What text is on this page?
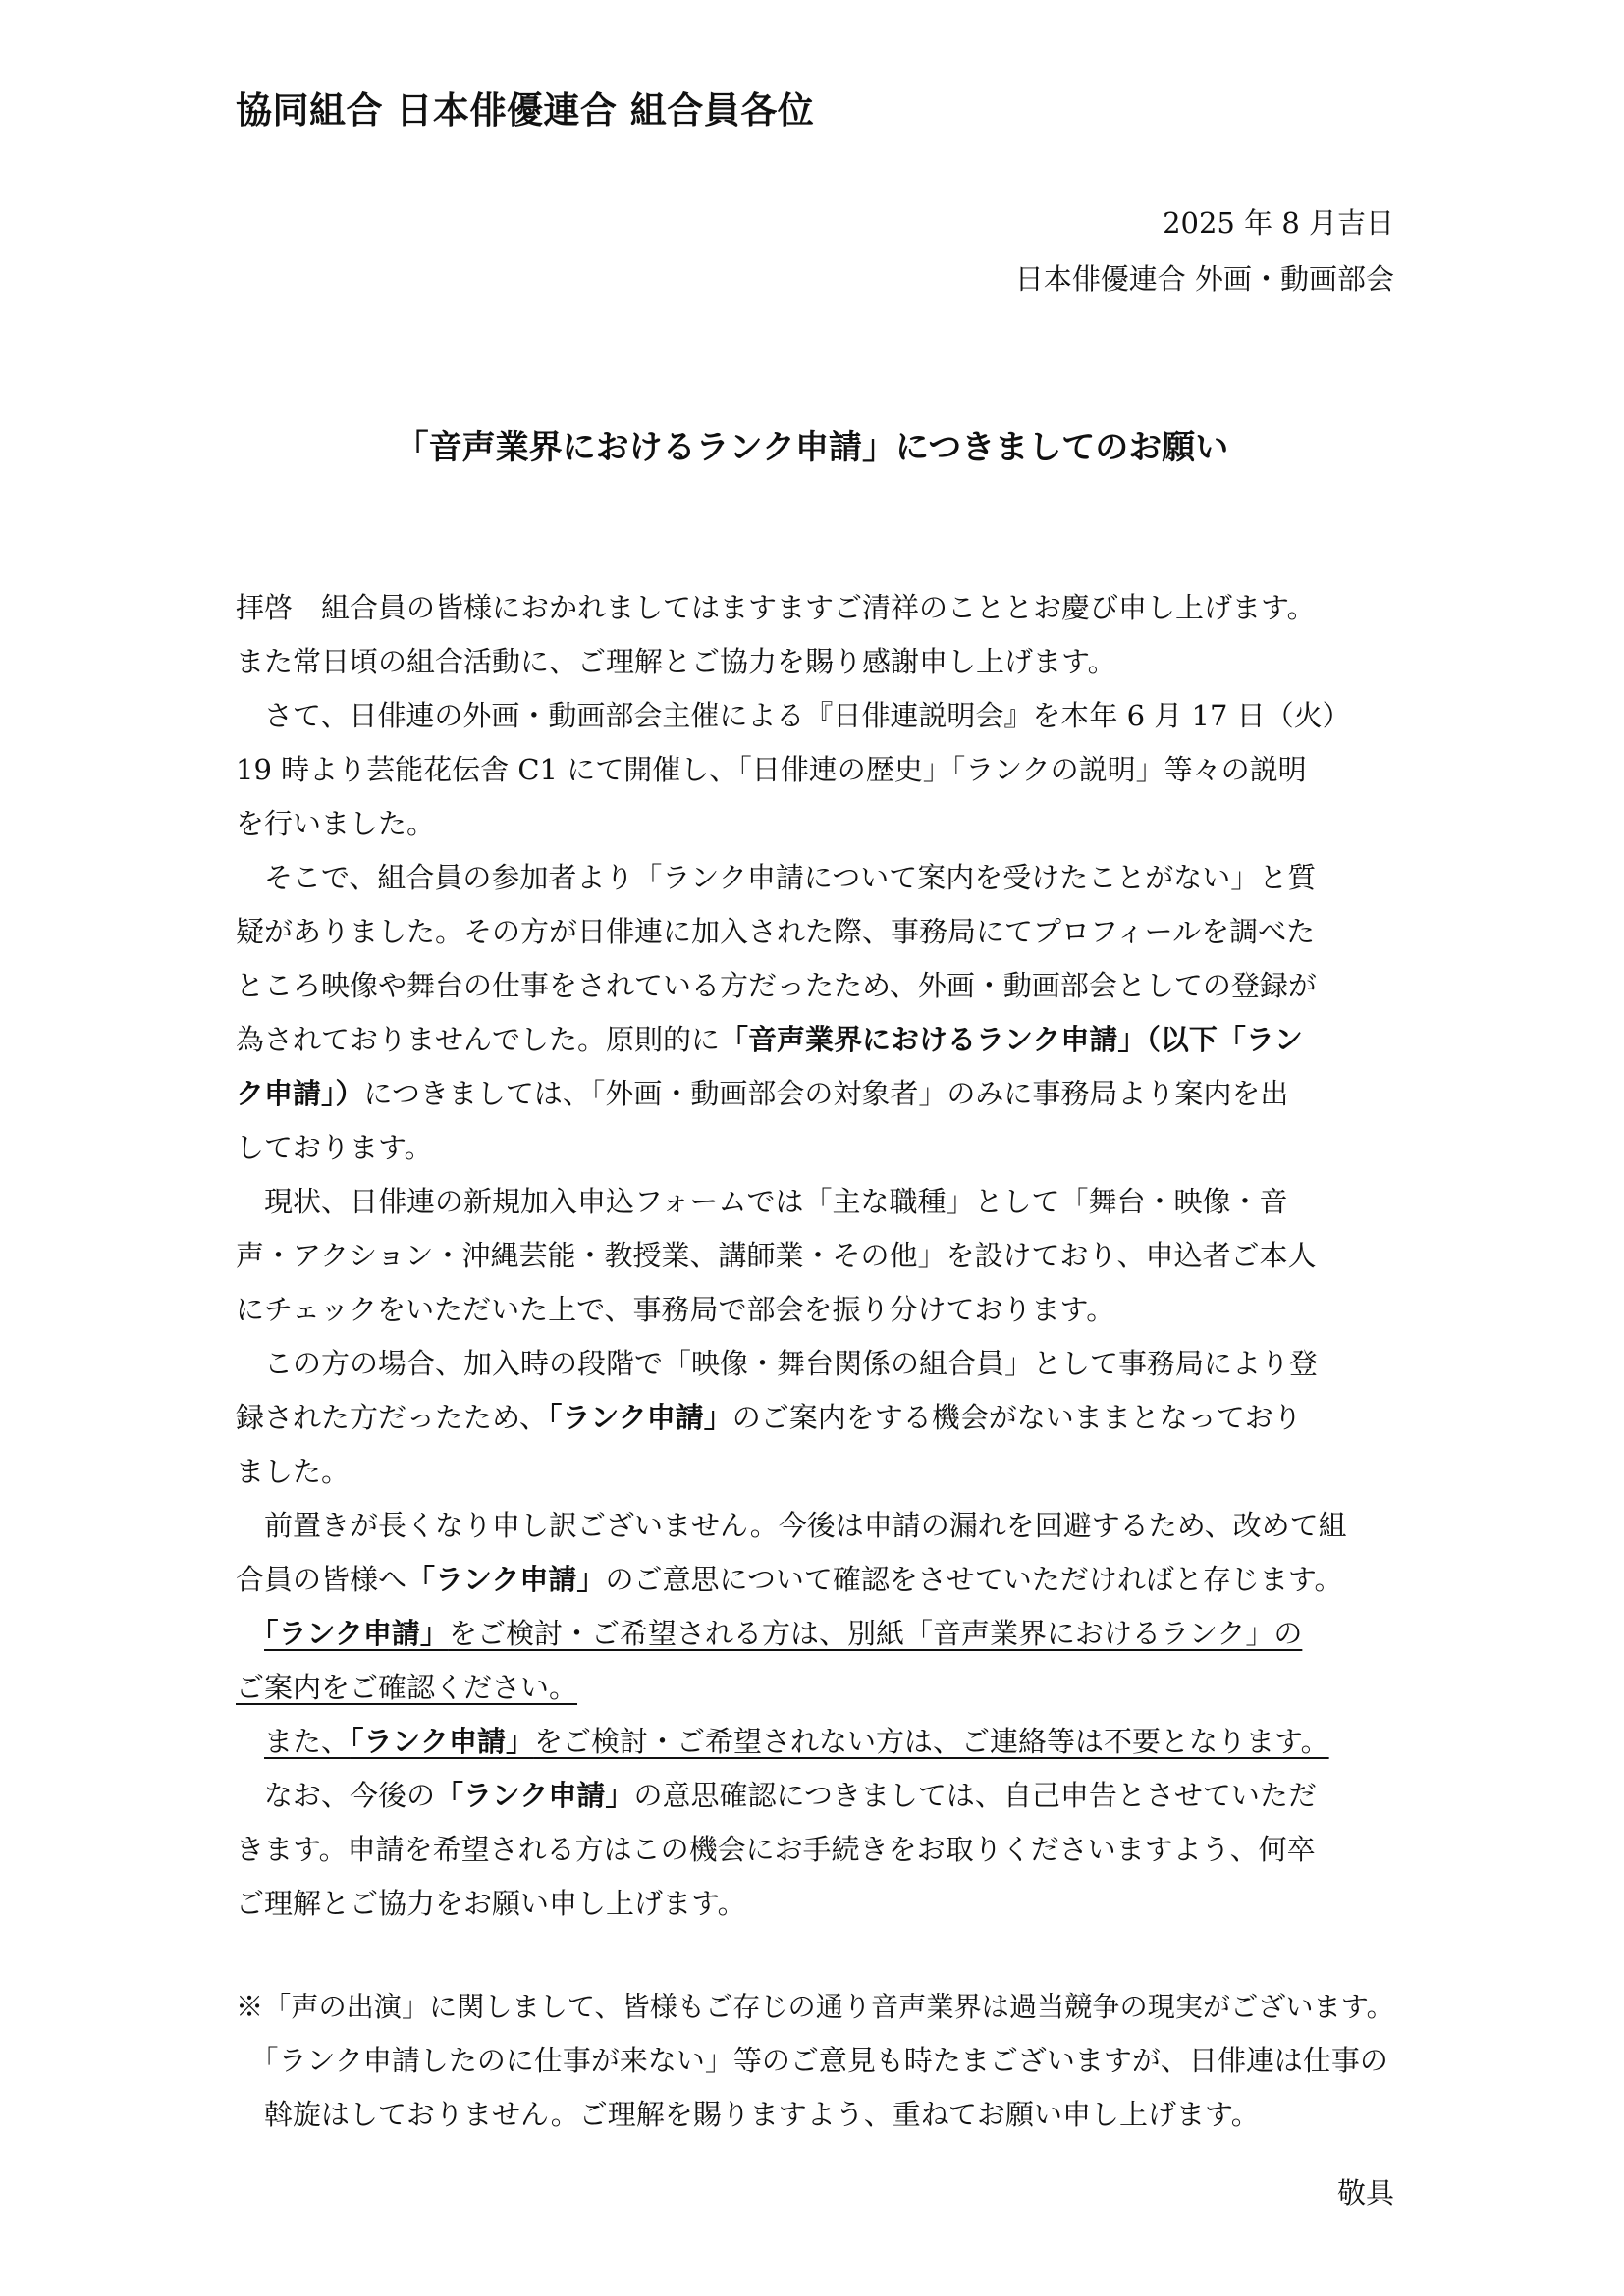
協同組合 日本俳優連合 組合員各位
2025 年 8 月吉日
日本俳優連合 外画・動画部会
「音声業界におけるランク申請」につきましてのお願い
拝啓　組合員の皆様におかれましてはますますご清祥のこととお慶び申し上げます。
また常日頃の組合活動に、ご理解とご協力を賜り感謝申し上げます。
　さて、日俳連の外画・動画部会主催による『日俳連説明会』を本年 6 月 17 日（火）
19 時より芸能花伝舎 C1 にて開催し、「日俳連の歴史」「ランクの説明」等々の説明
を行いました。
　そこで、組合員の参加者より「ランク申請について案内を受けたことがない」と質
疑がありました。その方が日俳連に加入された際、事務局にてプロフィールを調べた
ところ映像や舞台の仕事をされている方だったため、外画・動画部会としての登録が
為されておりませんでした。原則的に「音声業界におけるランク申請」（以下「ラン
ク申請」）につきましては、「外画・動画部会の対象者」のみに事務局より案内を出
しております。
　現状、日俳連の新規加入申込フォームでは「主な職種」として「舞台・映像・音
声・アクション・沖縄芸能・教授業、講師業・その他」を設けており、申込者ご本人
にチェックをいただいた上で、事務局で部会を振り分けております。
　この方の場合、加入時の段階で「映像・舞台関係の組合員」として事務局により登
録された方だったため、「ランク申請」のご案内をする機会がないままとなっており
ました。
　前置きが長くなり申し訳ございません。今後は申請の漏れを回避するため、改めて組
合員の皆様へ「ランク申請」のご意思について確認をさせていただければと存じます。
　「ランク申請」をご検討・ご希望される方は、別紙「音声業界におけるランク」の
ご案内をご確認ください。
　また、「ランク申請」をご検討・ご希望されない方は、ご連絡等は不要となります。
　なお、今後の「ランク申請」の意思確認につきましては、自己申告とさせていただ
きます。申請を希望される方はこの機会にお手続きをお取りくださいますよう、何卒
ご理解とご協力をお願い申し上げます。
※「声の出演」に関しまして、皆様もご存じの通り音声業界は過当競争の現実がございます。
　「ランク申請したのに仕事が来ない」等のご意見も時たまございますが、日俳連は仕事の
　斡旋はしておりません。ご理解を賜りますよう、重ねてお願い申し上げます。
敬具
